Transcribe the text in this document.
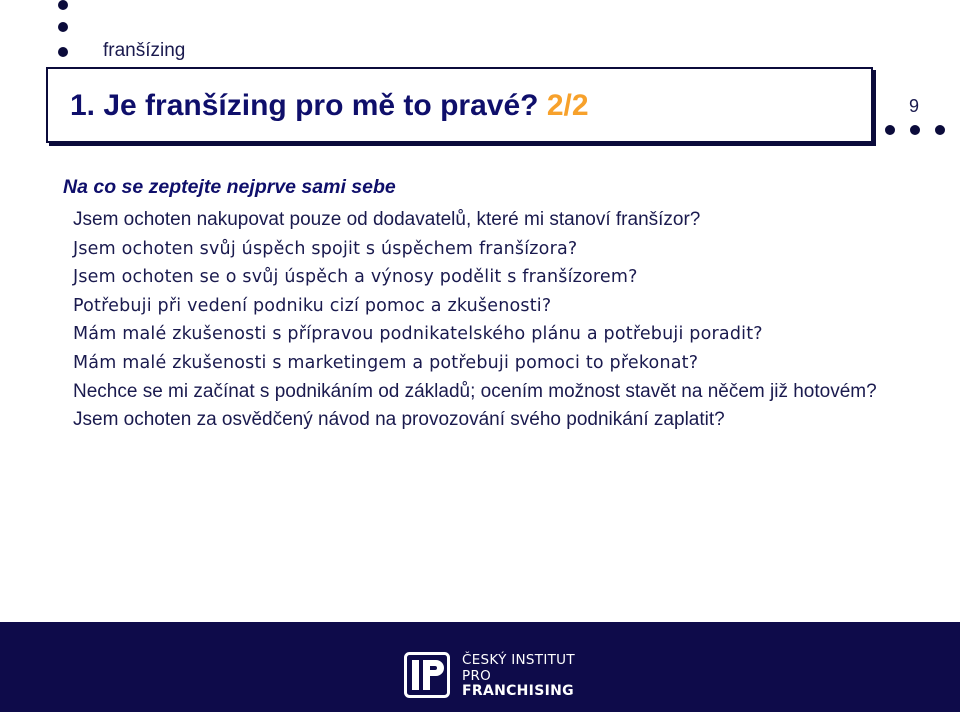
franšízing
1. Je franšízing pro mě to pravé? 2/2	9
Na co se zeptejte nejprve sami sebe
Jsem ochoten nakupovat pouze od dodavatelů, které mi stanoví franšízor?
Jsem ochoten svůj úspěch spojit s úspěchem franšízora?
Jsem ochoten se o svůj úspěch a výnosy podělit s franšízorem?
Potřebuji při vedení podniku cizí pomoc a zkušenosti?
Mám malé zkušenosti s přípravou podnikatelského plánu a potřebuji poradit?
Mám malé zkušenosti s marketingem a potřebuji pomoci to překonat?
Nechce se mi začínat s podnikáním od základů; ocením možnost stavět na něčem již hotovém?
Jsem ochoten za osvědčený návod na provozování svého podnikání zaplatit?
ČESKÝ INSTITUT
PRO
FRANCHISING
